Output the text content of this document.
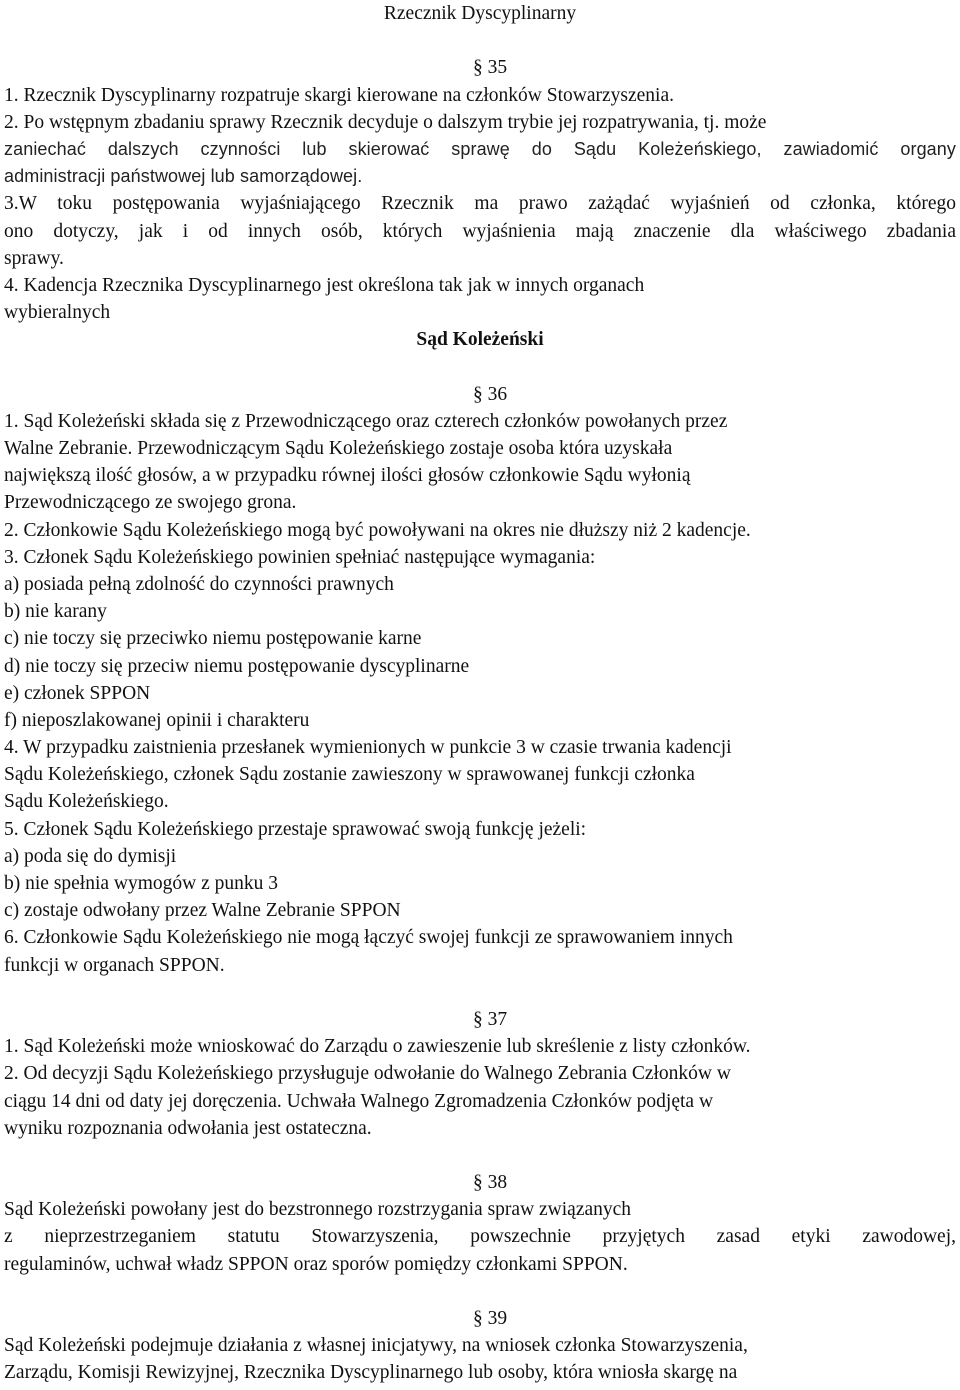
Rzecznik Dyscyplinarny
§ 35
1. Rzecznik Dyscyplinarny rozpatruje skargi kierowane na członków Stowarzyszenia.
2. Po wstępnym zbadaniu sprawy Rzecznik decyduje o dalszym trybie jej rozpatrywania, tj. może
zaniechać dalszych czynności lub skierować sprawę do Sądu Koleżeńskiego, zawiadomić organy
administracji państwowej lub samorządowej.
3.W toku postępowania wyjaśniającego Rzecznik ma prawo zażądać wyjaśnień od członka, którego
ono dotyczy, jak i od innych osób, których wyjaśnienia mają znaczenie dla właściwego zbadania
sprawy.
4. Kadencja Rzecznika Dyscyplinarnego jest określona tak jak w innych organach
wybieralnych
Sąd Koleżeński
§ 36
1. Sąd Koleżeński składa się z Przewodniczącego oraz czterech członków powołanych przez
Walne Zebranie. Przewodniczącym Sądu Koleżeńskiego zostaje osoba która uzyskała
największą ilość głosów, a w przypadku równej ilości głosów członkowie Sądu wyłonią
Przewodniczącego ze swojego grona.
2. Członkowie Sądu Koleżeńskiego mogą być powoływani na okres nie dłuższy niż 2 kadencje.
3. Członek Sądu Koleżeńskiego powinien spełniać następujące wymagania:
a) posiada pełną zdolność do czynności prawnych
b) nie karany
c) nie toczy się przeciwko niemu postępowanie karne
d) nie toczy się przeciw niemu postępowanie dyscyplinarne
e) członek SPPON
f) nieposzlakowanej opinii i charakteru
4. W przypadku zaistnienia przesłanek wymienionych w punkcie 3 w czasie trwania kadencji
Sądu Koleżeńskiego, członek Sądu zostanie zawieszony w sprawowanej funkcji członka
Sądu Koleżeńskiego.
5. Członek Sądu Koleżeńskiego przestaje sprawować swoją funkcję jeżeli:
a) poda się do dymisji
b) nie spełnia wymogów z punku 3
c) zostaje odwołany przez Walne Zebranie SPPON
6. Członkowie Sądu Koleżeńskiego nie mogą łączyć swojej funkcji ze sprawowaniem innych
funkcji w organach SPPON.
§ 37
1. Sąd Koleżeński może wnioskować do Zarządu o zawieszenie lub skreślenie z listy członków.
2. Od decyzji Sądu Koleżeńskiego przysługuje odwołanie do Walnego Zebrania Członków w
ciągu 14 dni od daty jej doręczenia. Uchwała Walnego Zgromadzenia Członków podjęta w
wyniku rozpoznania odwołania jest ostateczna.
§ 38
Sąd Koleżeński powołany jest do bezstronnego rozstrzygania spraw związanych
z nieprzestrzeganiem statutu Stowarzyszenia, powszechnie przyjętych zasad etyki zawodowej,
regulaminów, uchwał władz SPPON oraz sporów pomiędzy członkami SPPON.
§ 39
Sąd Koleżeński podejmuje działania z własnej inicjatywy, na wniosek członka Stowarzyszenia,
Zarządu, Komisji Rewizyjnej, Rzecznika Dyscyplinarnego lub osoby, która wniosła skargę na
